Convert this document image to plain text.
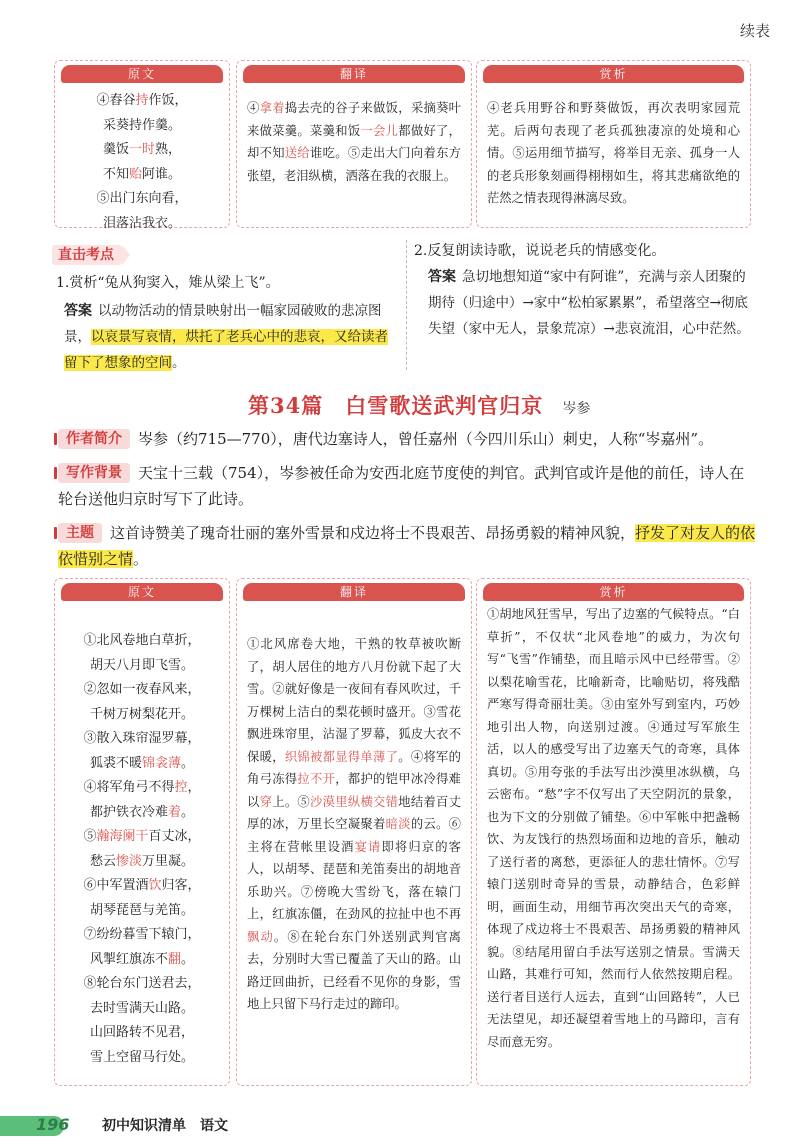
续表
原文
④舂谷持作饭，
采葵持作羹。
羹饭一时熟，
不知贻阿谁。
⑤出门东向看，
泪落沾我衣。
翻译
④拿着捣去壳的谷子来做饭，采摘葵叶来做菜羹。菜羹和饭一会儿都做好了，却不知送给谁吃。⑤走出大门向着东方张望，老泪纵横，洒落在我的衣服上。
赏析
④老兵用野谷和野葵做饭，再次表明家园荒芜。后两句表现了老兵孤独凄凉的处境和心情。⑤运用细节描写，将举目无亲、孤身一人的老兵形象刻画得栩栩如生，将其悲痛欲绝的茫然之情表现得淋漓尽致。
直击考点
1.赏析“兔从狗窦入，雉从梁上飞”。
答案 以动物活动的情景映射出一幅家园破败的悲凉图景，以哀景写哀情，烘托了老兵心中的悲哀，又给读者留下了想象的空间。
2.反复朗读诗歌，说说老兵的情感变化。
答案 急切地想知道“家中有阿谁”，充满与亲人团聚的期待（归途中）→家中“松柏冢累累”，希望落空→彻底失望（家中无人，景象荒凉）→悲哀流泪，心中茫然。
第34篇　白雪歌送武判官归京 岑参
作者简介 岑参（约715—770），唐代边塞诗人，曾任嘉州（今四川乐山）刺史，人称“岑嘉州”。
写作背景 天宝十三载（754），岑参被任命为安西北庭节度使的判官。武判官或许是他的前任，诗人在轮台送他归京时写下了此诗。
主题 这首诗赞美了瑰奇壮丽的塞外雪景和戍边将士不畏艰苦、昂扬勇毅的精神风貌，抒发了对友人的依依惜别之情。
原文
①北风卷地白草折，
胡天八月即飞雪。
②忽如一夜春风来，
千树万树梨花开。
③散入珠帘湿罗幕，
狐裘不暖锦衾薄。
④将军角弓不得控，
都护铁衣冷难着。
⑤瀚海阑干百丈冰，
愁云惨淡万里凝。
⑥中军置酒饮归客，
胡琴琵琶与羌笛。
⑦纷纷暮雪下辕门，
风掣红旗冻不翻。
⑧轮台东门送君去，
去时雪满天山路。
山回路转不见君，
雪上空留马行处。
翻译
①北风席卷大地，干熟的牧草被吹断了，胡人居住的地方八月份就下起了大雪。②就好像是一夜间有春风吹过，千万棵树上洁白的梨花顿时盛开。③雪花飘进珠帘里，沾湿了罗幕，狐皮大衣不保暖，织锦被都显得单薄了。④将军的角弓冻得拉不开，都护的铠甲冰冷得难以穿上。⑤沙漠里纵横交错地结着百丈厚的冰，万里长空凝聚着暗淡的云。⑥主将在营帐里设酒宴请即将归京的客人，以胡琴、琵琶和羌笛奏出的胡地音乐助兴。⑦傍晚大雪纷飞，落在辕门上，红旗冻僵，在劲风的拉扯中也不再飘动。⑧在轮台东门外送别武判官离去，分别时大雪已覆盖了天山的路。山路迂回曲折，已经看不见你的身影，雪地上只留下马行走过的蹄印。
赏析
①胡地风狂雪早，写出了边塞的气候特点。“白草折”，不仅状“北风卷地”的威力，为次句写“飞雪”作铺垫，而且暗示风中已经带雪。②以梨花喻雪花，比喻新奇，比喻贴切，将残酷严寒写得奇丽壮美。③由室外写到室内，巧妙地引出人物，向送别过渡。④通过写军旅生活，以人的感受写出了边塞天气的奇寒，具体真切。⑤用夸张的手法写出沙漠里冰纵横，乌云密布。“愁”字不仅写出了天空阴沉的景象，也为下文的分别做了铺垫。⑥中军帐中把盏畅饮、为友饯行的热烈场面和边地的音乐，触动了送行者的离愁，更添征人的悲壮情怀。⑦写辕门送别时奇异的雪景，动静结合，色彩鲜明，画面生动，用细节再次突出天气的奇寒，体现了戍边将士不畏艰苦、昂扬勇毅的精神风貌。⑧结尾用留白手法写送别之情景。雪满天山路，其难行可知，然而行人依然按期启程。送行者目送行人远去，直到“山回路转”，人已无法望见，却还凝望着雪地上的马蹄印，言有尽而意无穷。
196 初中知识清单　 语文
